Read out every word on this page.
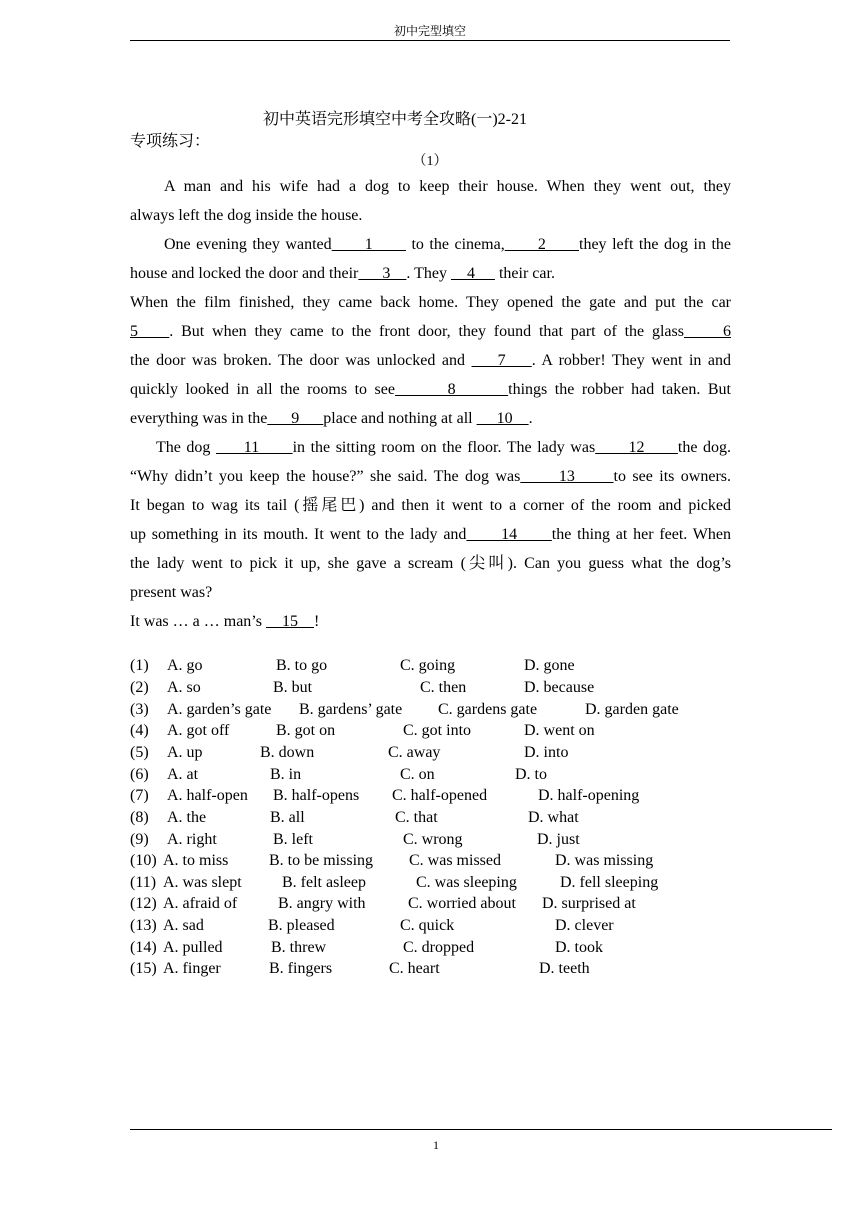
初中完型填空
初中英语完形填空中考全攻略(一)2-21
专项练习：
（1）
A man and his wife had a dog to keep their house. When they went out, they
always left the dog inside the house.
One evening they wanted      1       to the cinema,      2      they left the dog in the
house and locked the door and their      3    . They     4      their car.
When the film finished, they came back home. They opened the gate and put the car
5    . But when they came to the front door, they found that part of the glass     6
the door was broken. The door was unlocked and     7    . A robber! They went in and
quickly looked in all the rooms to see       8       things the robber had taken. But
everything was in the      9      place and nothing at all      10    .
The dog      11      in the sitting room on the floor. The lady was      12      the dog.
“Why didn’t you keep the house?” she said. The dog was      13      to see its owners.
It began to wag its tail (摇尾巴) and then it went to a corner of the room and picked
up something in its mouth. It went to the lady and      14      the thing at her feet. When
the lady went to pick it up, she gave a scream (尖叫). Can you guess what the dog’s
present was?
It was … a … man’s     15    !
(1) A. go	B. to go	C. going	D. gone
(2) A. so	B. but	C. then	D. because
(3) A. garden’s gate B. gardens’ gate C. gardens gate	D. garden gate
(4) A. got off	B. got on	C. got into	D. went on
(5) A. up	B. down	C. away	D. into
(6) A. at	B. in	C. on	D. to
(7) A. half-open B. half-opens C. half-opened	D. half-opening
(8) A. the	B. all	C. that	D. what
(9) A. right	B. left	C. wrong	D. just
(10) A. to miss	B. to be missing C. was missed	D. was missing
(11) A. was slept	B. felt asleep	C. was sleeping	D. fell sleeping
(12) A. afraid of	B. angry with	C. worried about D. surprised at
(13) A. sad	B. pleased	C. quick	D. clever
(14) A. pulled	B. threw	C. dropped	D. took
(15) A. finger	B. fingers	C. heart	D. teeth
1
